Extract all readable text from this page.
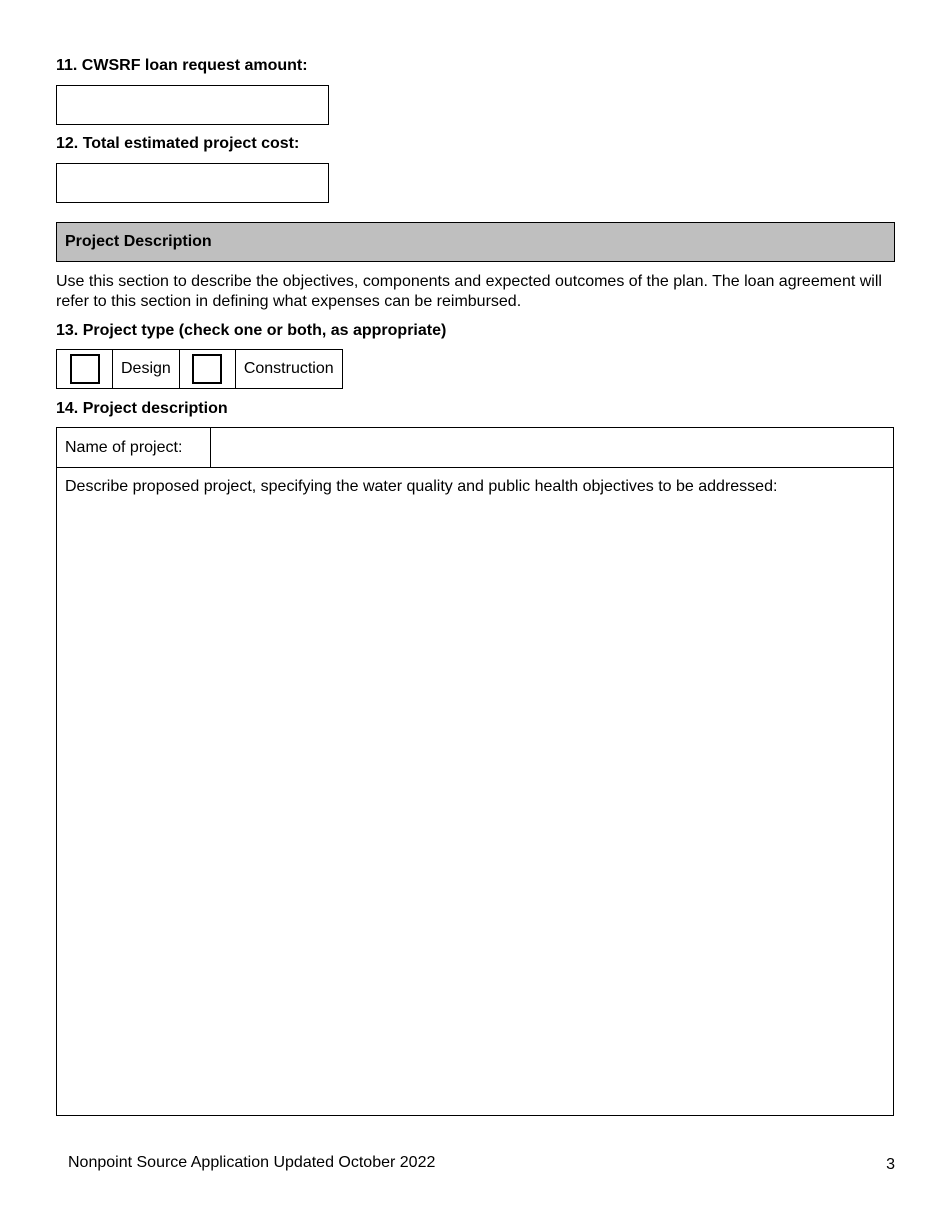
11. CWSRF loan request amount:
12. Total estimated project cost:
Project Description
Use this section to describe the objectives, components and expected outcomes of the plan. The loan agreement will refer to this section in defining what expenses can be reimbursed.
13. Project type (check one or both, as appropriate)
	Design		Construction
14. Project description
Name of project:
Describe proposed project, specifying the water quality and public health objectives to be addressed:
Nonpoint Source Application Updated October 2022	3
